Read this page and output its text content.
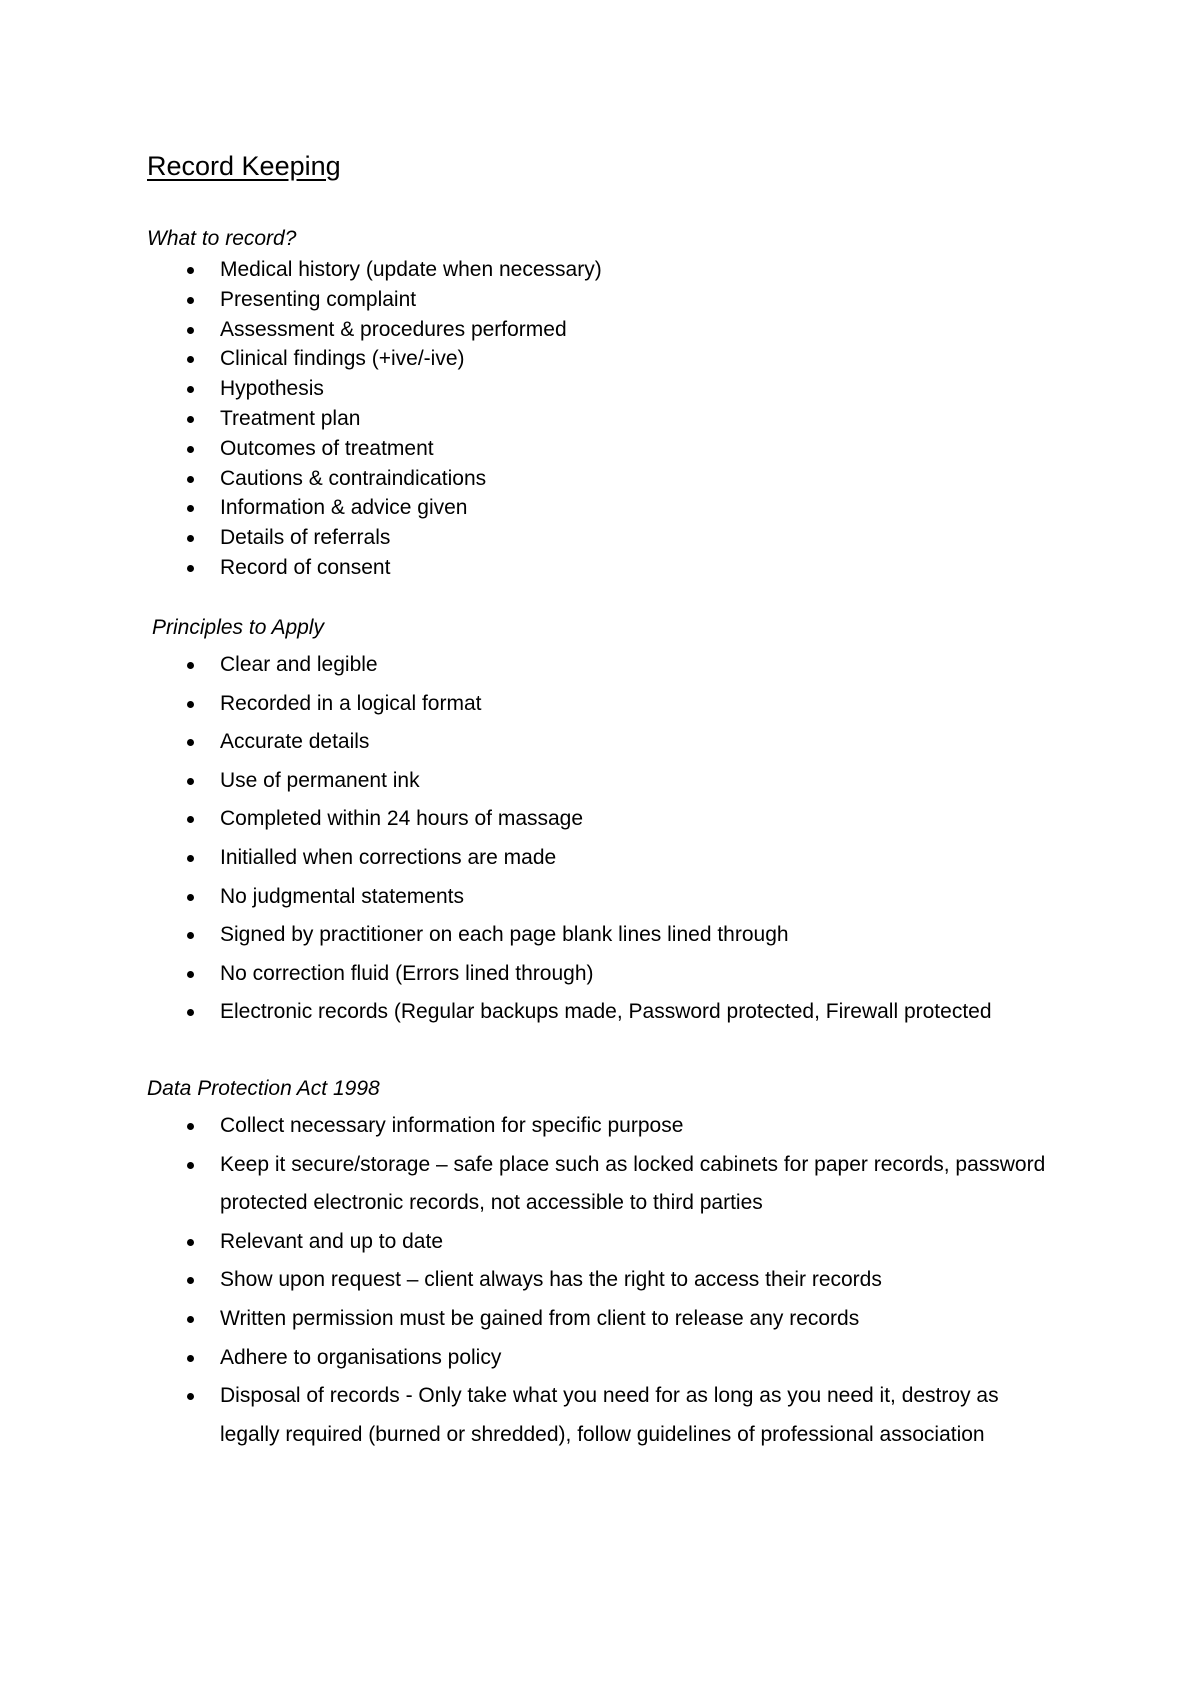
Record Keeping
What to record?
Medical history (update when necessary)
Presenting complaint
Assessment & procedures performed
Clinical findings (+ive/-ive)
Hypothesis
Treatment plan
Outcomes of treatment
Cautions & contraindications
Information & advice given
Details of referrals
Record of consent
Principles to Apply
Clear and legible
Recorded in a logical format
Accurate details
Use of permanent ink
Completed within 24 hours of massage
Initialled when corrections are made
No judgmental statements
Signed by practitioner on each page blank lines lined through
No correction fluid (Errors lined through)
Electronic records (Regular backups made, Password protected, Firewall protected
Data Protection Act 1998
Collect necessary information for specific purpose
Keep it secure/storage – safe place such as locked cabinets for paper records, password protected electronic records, not accessible to third parties
Relevant and up to date
Show upon request – client always has the right to access their records
Written permission must be gained from client to release any records
Adhere to organisations policy
Disposal of records - Only take what you need for as long as you need it, destroy as legally required (burned or shredded), follow guidelines of professional association
